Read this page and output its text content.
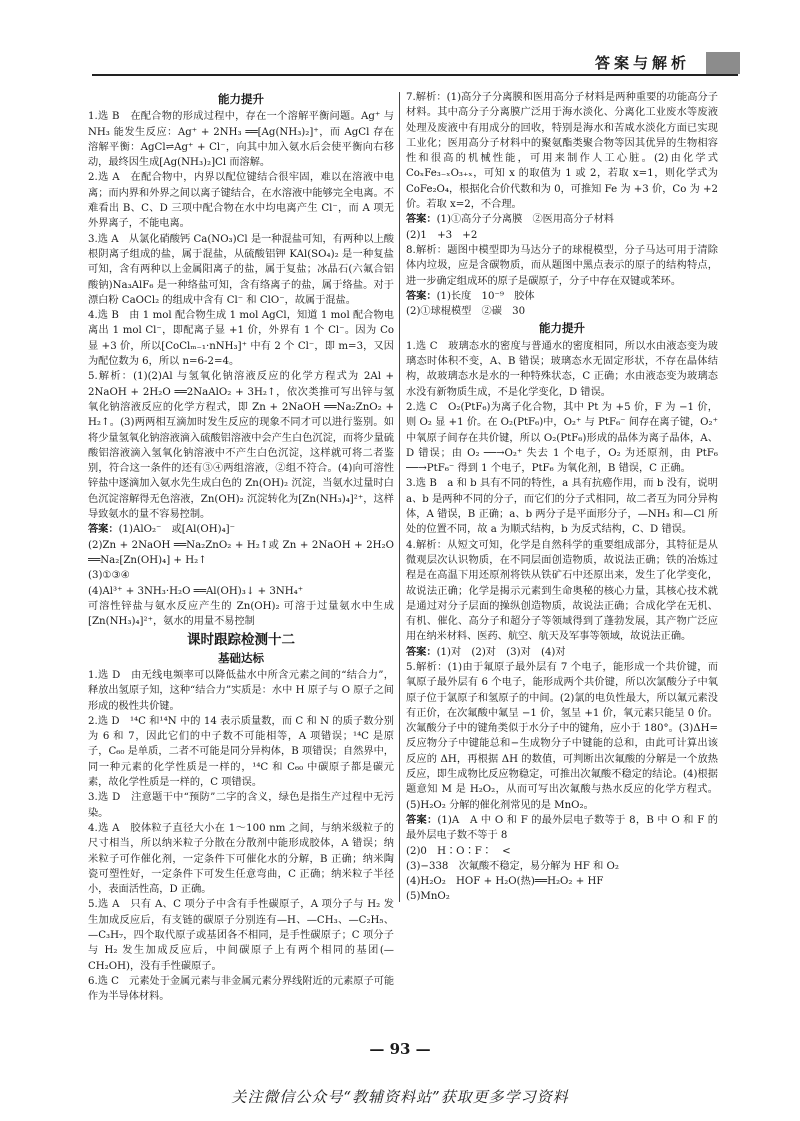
答案与解析
能力提升

1.选 B　在配合物的形成过程中，存在一个溶解平衡问题。Ag⁺ 与 NH₃ 能发生反应：Ag⁺ + 2NH₃ ══[Ag(NH₃)₂]⁺，而 AgCl 存在溶解平衡：AgCl⇌Ag⁺ + Cl⁻，向其中加入氨水后会使平衡向右移动，最终因生成[Ag(NH₃)₂]Cl 而溶解。

2.选 A　在配合物中，内界以配位键结合很牢固，难以在溶液中电离；而内界和外界之间以离子键结合，在水溶液中能够完全电离。不难看出 B、C、D 三项中配合物在水中均电离产生 Cl⁻，而 A 项无外界离子，不能电离。

3.选 A　从氯化硝酸钙 Ca(NO₃)Cl 是一种混盐可知，有两种以上酸根阴离子组成的盐，属于混盐，从硫酸铝钾 KAl(SO₄)₂ 是一种复盐可知，含有两种以上金属阳离子的盐，属于复盐；冰晶石(六氟合铝酸钠)Na₃AlF₆ 是一种络盐可知，含有络离子的盐，属于络盐。对于漂白粉 CaOCl₂ 的组成中含有 Cl⁻ 和 ClO⁻，故属于混盐。

4.选 B　由 1 mol 配合物生成 1 mol AgCl，知道 1 mol 配合物电离出 1 mol Cl⁻，即配离子显 +1 价，外界有 1 个 Cl⁻。因为 Co 显 +3 价，所以[CoClₘ₋₁·nNH₃]⁺ 中有 2 个 Cl⁻，即 m=3，又因为配位数为 6，所以 n=6-2=4。

5.解析：(1)(2)Al 与氢氧化钠溶液反应的化学方程式为 2Al + 2NaOH + 2H₂O ══2NaAlO₂ + 3H₂↑，依次类推可写出锌与氢氧化钠溶液反应的化学方程式，即 Zn + 2NaOH ══Na₂ZnO₂ + H₂↑。(3)两两相互滴加时发生反应的现象不同才可以进行鉴别。如将少量氢氧化钠溶液滴入硫酸铝溶液中会产生白色沉淀，而将少量硫酸铝溶液滴入氢氧化钠溶液中不产生白色沉淀，这样就可将二者鉴别，符合这一条件的还有③④两组溶液，②组不符合。(4)向可溶性锌盐中逐滴加入氨水先生成白色的 Zn(OH)₂ 沉淀，当氨水过量时白色沉淀溶解得无色溶液，Zn(OH)₂ 沉淀转化为[Zn(NH₃)₄]²⁺，这样导致氨水的量不容易控制。

答案：(1)AlO₂⁻　或[Al(OH)₄]⁻

(2)Zn + 2NaOH ══Na₂ZnO₂ + H₂↑或 Zn + 2NaOH + 2H₂O ══Na₂[Zn(OH)₄] + H₂↑

(3)①③④

(4)Al³⁺ + 3NH₃·H₂O ══Al(OH)₃↓ + 3NH₄⁺

可溶性锌盐与氨水反应产生的 Zn(OH)₂ 可溶于过量氨水中生成[Zn(NH₃)₄]²⁺，氨水的用量不易控制

课时跟踪检测十二
基础达标

1.选 D　由无线电频率可以降低盐水中所含元素之间的“结合力”，释放出氢原子知，这种“结合力”实质是：水中 H 原子与 O 原子之间形成的极性共价键。

2.选 D　¹⁴C 和¹⁴N 中的 14 表示质量数，而 C 和 N 的质子数分别为 6 和 7，因此它们的中子数不可能相等，A 项错误；¹⁴C 是原子，C₆₀ 是单质，二者不可能是同分异构体，B 项错误；自然界中，同一种元素的化学性质是一样的，¹⁴C 和 C₆₀ 中碳原子都是碳元素，故化学性质是一样的，C 项错误。

3.选 D　注意题干中“预防”二字的含义，绿色是指生产过程中无污染。

4.选 A　胶体粒子直径大小在 1～100 nm 之间，与纳米级粒子的尺寸相当，所以纳米粒子分散在分散剂中能形成胶体，A 错误；纳米粒子可作催化剂，一定条件下可催化水的分解，B 正确；纳米陶瓷可塑性好，一定条件下可发生任意弯曲，C 正确；纳米粒子半径小，表面活性高，D 正确。

5.选 A　只有 A、C 项分子中含有手性碳原子，A 项分子与 H₂ 发生加成反应后，有支链的碳原子分别连有—H、—CH₃、—C₂H₅、—C₃H₇，四个取代原子或基团各不相同，是手性碳原子；C 项分子与 H₂ 发生加成反应后，中间碳原子上有两个相同的基团(—CH₂OH)，没有手性碳原子。

6.选 C　元素处于金属元素与非金属元素分界线附近的元素原子可能作为半导体材料。

7.解析：(1)高分子分离膜和医用高分子材料是两种重要的功能高分子材料。其中高分子分离膜广泛用于海水淡化、分离化工业废水等废液处理及废液中有用成分的回收，特别是海水和苦咸水淡化方面已实现工业化；医用高分子材料中的聚氨酯类聚合物等因其优异的生物相容性和很高的机械性能，可用来制作人工心脏。(2)由化学式 CoₓFe₃₋ₓO₃₊ₓ，可知 x 的取值为 1 或 2，若取 x=1，则化学式为 CoFe₂O₄，根据化合价代数和为 0，可推知 Fe 为 +3 价，Co 为 +2 价。若取 x=2，不合理。

答案：(1)①高分子分离膜　②医用高分子材料

(2)1　+3　+2

8.解析：题图中模型即为马达分子的球棍模型，分子马达可用于清除体内垃圾，应是含碳物质，而从题图中黑点表示的原子的结构特点，进一步确定组成环的原子是碳原子，分子中存在双键或苯环。

答案：(1)长度　10⁻⁹　胶体

(2)①球棍模型　②碳　30

能力提升

1.选 C　玻璃态水的密度与普通水的密度相同，所以水由液态变为玻璃态时体积不变，A、B 错误；玻璃态水无固定形状，不存在晶体结构，故玻璃态水是水的一种特殊状态，C 正确；水由液态变为玻璃态水没有新物质生成，不是化学变化，D 错误。

2.选 C　O₂(PtF₆)为离子化合物，其中 Pt 为 +5 价，F 为 −1 价，则 O₂ 显 +1 价。在 O₂(PtF₆)中，O₂⁺ 与 PtF₆⁻ 间存在离子键，O₂⁺ 中氧原子间存在共价键，所以 O₂(PtF₆)形成的晶体为离子晶体，A、D 错误；由 O₂ ──→O₂⁺ 失去 1 个电子，O₂ 为还原剂，由 PtF₆ ──→PtF₆⁻ 得到 1 个电子，PtF₆ 为氧化剂，B 错误，C 正确。

3.选 B　a 和 b 具有不同的特性，a 具有抗癌作用，而 b 没有，说明 a、b 是两种不同的分子，而它们的分子式相同，故二者互为同分异构体，A 错误，B 正确；a、b 两分子是平面形分子，—NH₃ 和—Cl 所处的位置不同，故 a 为顺式结构，b 为反式结构，C、D 错误。

4.解析：从短文可知，化学是自然科学的重要组成部分，其特征是从微观层次认识物质，在不同层面创造物质，故说法正确；铁的冶炼过程是在高温下用还原剂将铁从铁矿石中还原出来，发生了化学变化，故说法正确；化学是揭示元素到生命奥秘的核心力量，其核心技术就是通过对分子层面的操纵创造物质，故说法正确；合成化学在无机、有机、催化、高分子和超分子等领域得到了蓬勃发展，其产物广泛应用在纳米材料、医药、航空、航天及军事等领域，故说法正确。

答案：(1)对　(2)对　(3)对　(4)对

5.解析：(1)由于氟原子最外层有 7 个电子，能形成一个共价键，而氧原子最外层有 6 个电子，能形成两个共价键，所以次氯酸分子中氧原子位于氯原子和氢原子的中间。(2)氯的电负性最大，所以氟元素没有正价，在次氟酸中氟呈 −1 价，氢呈 +1 价，氧元素只能呈 0 价。次氟酸分子中的键角类似于水分子中的键角，应小于 180°。(3)ΔH=反应物分子中键能总和−生成物分子中键能的总和，由此可计算出该反应的 ΔH，再根据 ΔH 的数值，可判断出次氟酸的分解是一个放热反应，即生成物比反应物稳定，可推出次氟酸不稳定的结论。(4)根据题意知 M 是 H₂O₂，从而可写出次氟酸与热水反应的化学方程式。(5)H₂O₂ 分解的催化剂常见的是 MnO₂。

答案：(1)A　A 中 O 和 F 的最外层电子数等于 8，B 中 O 和 F 的最外层电子数不等于 8

(2)0　H∶O∶F∶　<

(3)−338　次氟酸不稳定，易分解为 HF 和 O₂

(4)H₂O₂　HOF + H₂O(热)══H₂O₂ + HF

(5)MnO₂

— 93 —
关注微信公众号“教辅资料站”获取更多学习资料
